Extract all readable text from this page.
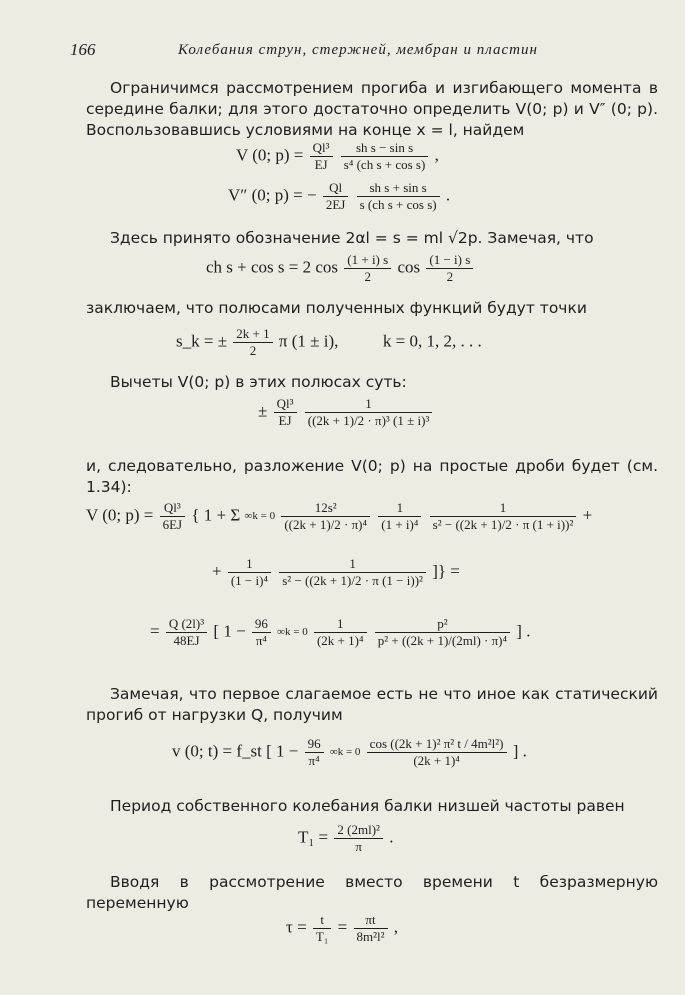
166	Колебания струн, стержней, мембран и пластин
Ограничимся рассмотрением прогиба и изгибающего момента в середине балки; для этого достаточно определить V(0; p) и V″ (0; p). Воспользовавшись условиями на конце x = l, найдем
V (0; $p) = \frac{\text{Ql³}}{EJ}$
$\frac{\text{sh s − sin s}}{\text{s⁴ (ch s + cos s)}}$ ,
V″ (0; p) = − $\frac{Ql}{2EJ}$
$\frac{\text{sh s + sin s}}{\text{s (ch s + cos s)}}$ .
Здесь принято обозначение 2αl = s = ml √2p. Замечая, что
ch s + cos s = 2 $\cos \frac{(1 + i) s}{2}$ $\cos \frac{(1 - i) s}{2}$
заключаем, что полюсами полученных функций будут точки
s_k = ± $\frac{2k + 1}{2}$ π (1 ± i),	k = 0, 1, 2, . . .
Вычеты V(0; p) в этих полюсах суть:
± $\frac{\text{Ql³}}{EJ}$
$\frac{1}{\text{((2k + 1)/2 · π)³ (1 ± i)³}}$
и, следовательно, разложение V(0; p) на простые дроби будет (см. 1.34):
V (0; $p) = \frac{\text{Ql³}}{6EJ}$ { 1 + Σ $\infty k = 0 \frac{\text{12s²}}{\text{((2k + 1)/2 · π)⁴}}$
$\frac{1}{\text{(1 + i)⁴}}$
$\frac{1}{\text{s² − ((2k + 1)/2 · π (1 + i))²}}$ +
+ $\frac{1}{\text{(1 − i)⁴}}$
$\frac{1}{\text{s² − ((2k + 1)/2 · π (1 − i))²}}$ ]} =
= $\frac{\text{Q (2l)³}}{48EJ}$ [ $1 - \frac{96}{\text{π⁴}} \infty k = 0 \frac{1}{\text{(2k + 1)⁴}}$
$\frac{\text{p²}}{\text{p² + ((2k + 1)/(2ml) · π)⁴}}$ ] .
Замечая, что первое слагаемое есть не что иное как статический прогиб от нагрузки Q, получим
v (0; t) = f_st [ $1 - \frac{96}{\text{π⁴}} \infty k = 0 \frac{\text{cos ((2k + 1)² π² t / 4m²l²)}}{\text{(2k + 1)⁴}}$ ] .
Период собственного колебания балки низшей частоты равен
$T_1 = \frac{\text{2 (2ml)²}}{\pi}$ .
Вводя в рассмотрение вместо времени t безразмерную переменную
$\tau = \frac{t}{\text{T₁}} = \frac{\pi t}{\text{8m²l²}}$ ,
